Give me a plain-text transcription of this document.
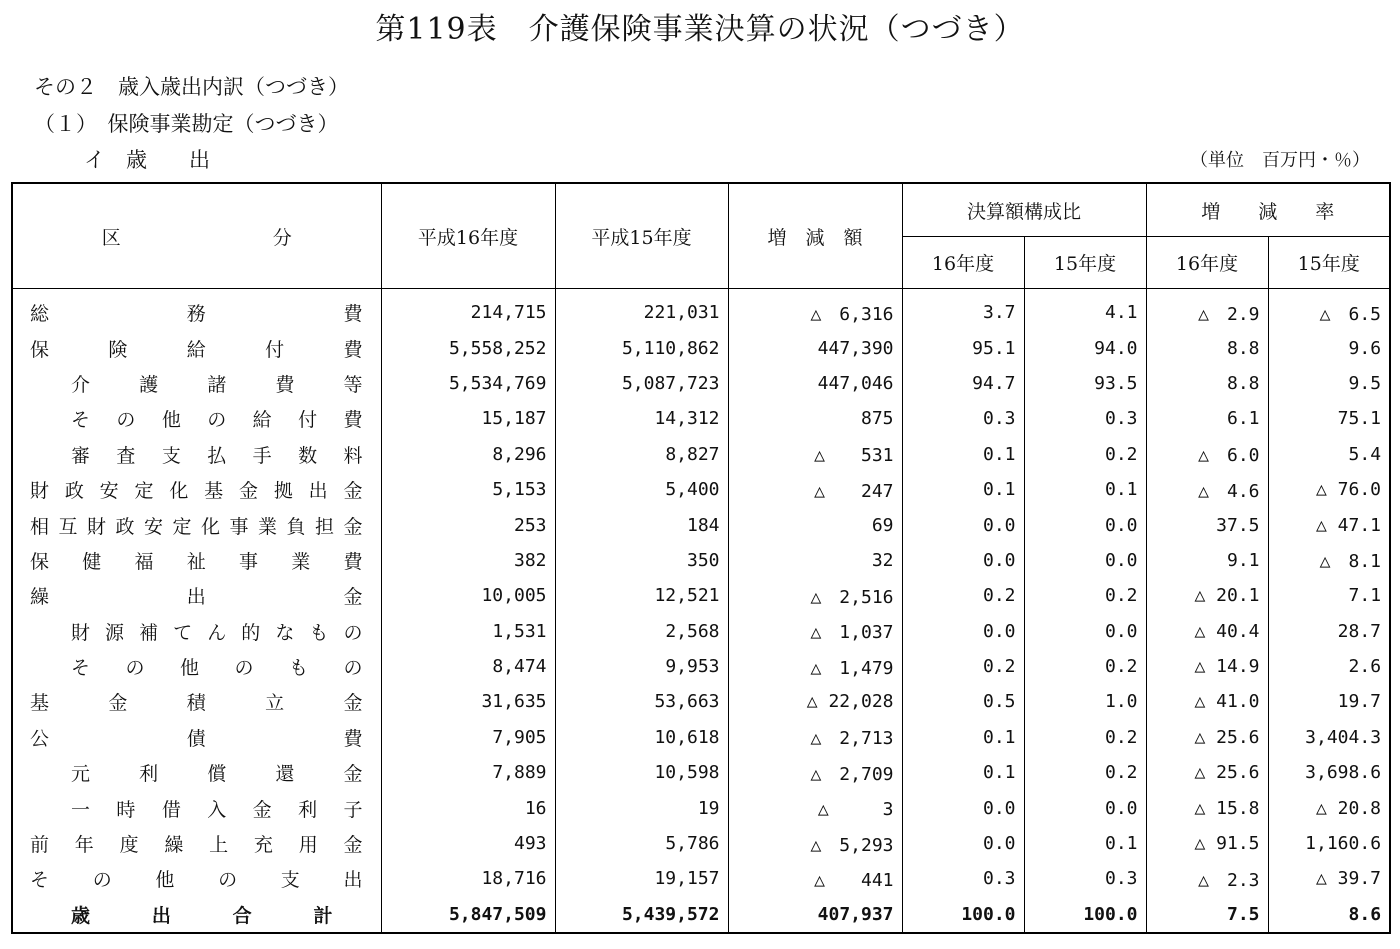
第119表　介護保険事業決算の状況（つづき）
その２　歳入歳出内訳（つづき）
（１）　保険事業勘定（つづき）
イ　歳　　出	（単位　百万円・％）
区　　　　　　　　分	平成16年度	平成15年度	増　減　額	決算額構成比		増　　減　　率	
				16年度	15年度	16年度	15年度
総務費	214,715	221,031	△　6,316	3.7	4.1	△　2.9	△　6.5
保険給付費	5,558,252	5,110,862	447,390	95.1	94.0	8.8	9.6
介護諸費等	5,534,769	5,087,723	447,046	94.7	93.5	8.8	9.5
その他の給付費	15,187	14,312	875	0.3	0.3	6.1	75.1
審査支払手数料	8,296	8,827	△　　531	0.1	0.2	△　6.0	5.4
財政安定化基金拠出金	5,153	5,400	△　　247	0.1	0.1	△　4.6	△ 76.0
相互財政安定化事業負担金	253	184	69	0.0	0.0	37.5	△ 47.1
保健福祉事業費	382	350	32	0.0	0.0	9.1	△　8.1
繰出金	10,005	12,521	△　2,516	0.2	0.2	△ 20.1	7.1
財源補てん的なもの	1,531	2,568	△　1,037	0.0	0.0	△ 40.4	28.7
その他のもの	8,474	9,953	△　1,479	0.2	0.2	△ 14.9	2.6
基金積立金	31,635	53,663	△ 22,028	0.5	1.0	△ 41.0	19.7
公債費	7,905	10,618	△　2,713	0.1	0.2	△ 25.6	3,404.3
元利償還金	7,889	10,598	△　2,709	0.1	0.2	△ 25.6	3,698.6
一時借入金利子	16	19	△　　　3	0.0	0.0	△ 15.8	△ 20.8
前年度繰上充用金	493	5,786	△　5,293	0.0	0.1	△ 91.5	1,160.6
その他の支出	18,716	19,157	△　　441	0.3	0.3	△　2.3	△ 39.7
歳出合計	5,847,509	5,439,572	407,937	100.0	100.0	7.5	8.6
